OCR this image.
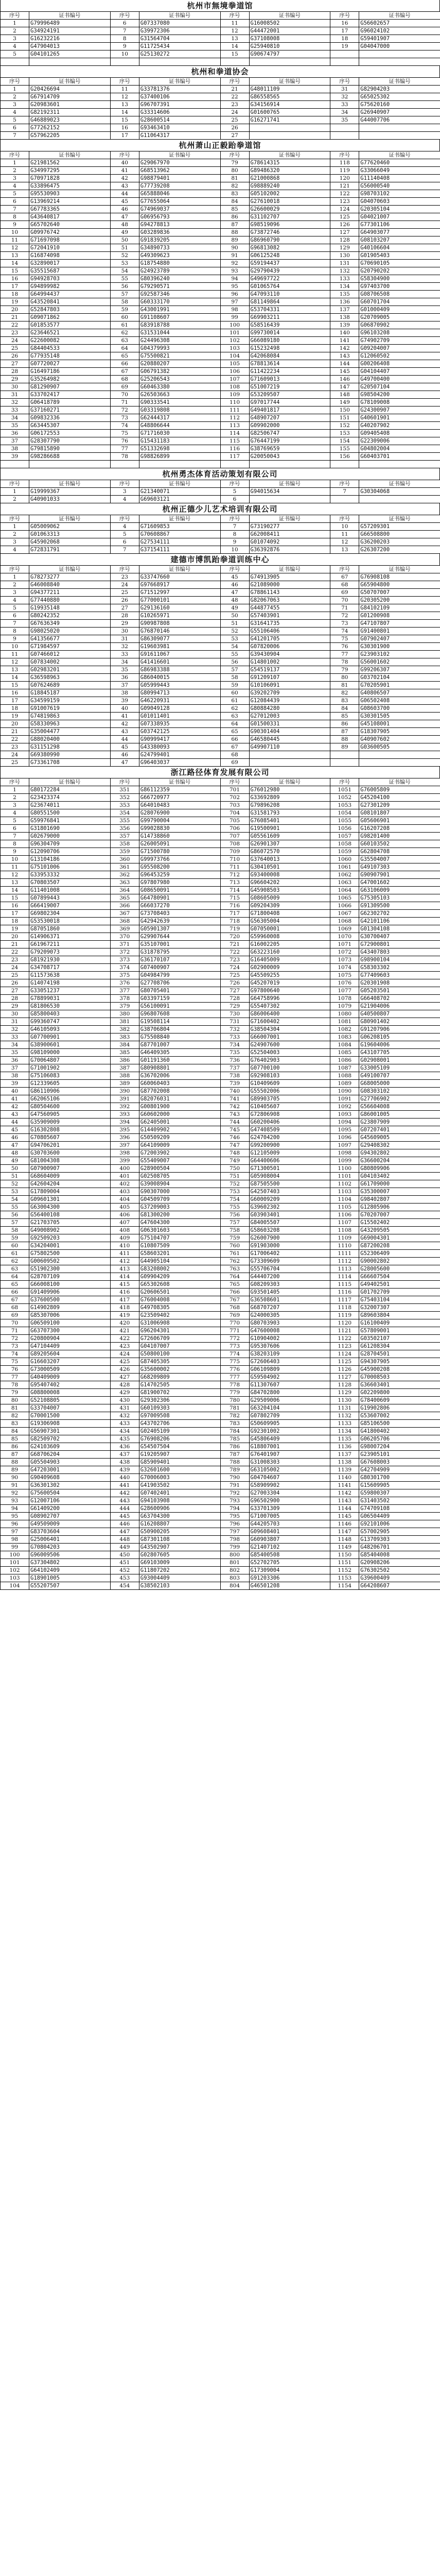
杭州市無境拳道馆
序号	证书编号	序号	证书编号	序号	证书编号	序号	证书编号
1	G79996489	6	G07337080	11	G16008502	16	G56602657
2	G34924191	7	G39972306	12	G44472001	17	G96024102
3	G16232216	8	G31564704	13	G37108008	18	G59401907
4	G47904013	9	G11725434	14	G25940810	19	G04047000
5	G04101265	10	G25130272	15	G90674797		

杭州和拳道协会
序号	证书编号	序号	证书编号	序号	证书编号	序号	证书编号
1	G20426694	11	G33781376	21	G48011109	31	G82904203
2	G67914709	12	G37400106	22	G86558565	32	G65025302
3	G20983601	13	G96707391	23	G34156914	33	G75620160
4	G82192311	14	G33314606	24	G01600765	34	G26940907
5	G46889023	15	G28600514	25	G16271741	35	G44007706
6	G77262152	16	G93463410	26			
7	G57962205	17	G11064317	27			
杭州萧山正毅跆拳道馆
序号	证书编号	序号	证书编号	序号	证书编号	序号	证书编号
1	G21981562	40	G29067970	79	G78614315	118	G77620460
2	G34997295	41	G68513962	80	G89486320	119	G33066049
3	G70971828	42	G98879401	81	G21000868	120	G11140408
4	G33896475	43	G77739208	82	G98889240	121	G56000540
5	G95530903	44	G65888046	83	G05102002	122	G98703102
6	G13969214	45	G77655064	84	G27610018	123	G04070603
7	G67783365	46	G74969037	85	G26600029	124	G20305104
8	G43640817	47	G06956793	86	G31102707	125	G04021007
9	G65702640	48	G94278813	87	G98519096	126	G77301106
10	G09976742	49	G03289836	88	G73872746	127	G64903077
11	G71697098	50	G91839205	89	G86960790	128	G08103207
12	G72041910	51	G34890733	90	G96813082	129	G40106604
13	G16874098	52	G49309623	91	G06125248	130	G01905403
14	G32890017	53	G18754880	92	G59194437	131	G70690105
15	G35515687	54	G24923789	93	G29790439	132	G20790202
16	G94928703	55	G80396240	94	G49697722	133	G58304900
17	G94899982	56	G79290571	95	G01065764	134	G97403700
18	G64994437	57	G92587346	96	G47093110	135	G08706508
19	G43520841	58	G60333170	97	G81149864	136	G60701704
20	G52847803	59	G43001991	98	G53704331	137	G01000409
21	G09071862	60	G91108607	99	G69903211	138	G20709005
22	G01853577	61	G83918788	100	G58516439	139	G06870902
23	G23646521	62	G31531044	101	G99730014	140	G96103208
24	G22600082	63	G24496308	102	G66089180	141	G74902709
25	G84404533	64	G04379993	103	G15232498	142	G09204007
26	G77935148	65	G75500821	104	G42068084	143	G12060502
27	G07720027	66	G20880207	105	G78813614	144	G00206408
28	G16497186	67	G06791382	106	G11422234	145	G04104407
29	G35264982	68	G25206543	107	G71609013	146	G49700400
30	G81290907	69	G60463380	108	G51007219	147	G20507104
31	G33702417	70	G26503663	109	G53209507	148	G98504200
32	G06418789	71	G90333541	110	G97017744	149	G78109008
33	G37160271	72	G03319808	111	G49401817	150	G24300907
34	G09832336	73	G62444317	112	G48907207	151	G40601901
35	G63445307	74	G48806644	113	G09902000	152	G40207902
36	G06172553	75	G71716030	114	G82506747	153	G09405408
37	G28307790	76	G15431183	115	G76447199	154	G22309006
38	G79815890	77	G51332698	116	G38769659	155	G04802004
39	G98286688	78	G98826899	117	G20050043	156	G60403701

杭州勇杰体育活动策划有限公司
序号	证书编号	序号	证书编号	序号	证书编号	序号	证书编号
1	G19999367	3	G21340071	5	G94015634	7	G30304068
2	G40901033	4	G69603121	6			
杭州正德少儿艺术培训有限公司
序号	证书编号	序号	证书编号	序号	证书编号	序号	证书编号
1	G05009062	4	G71609853	7	G73190277	10	G57209301
2	G01063313	5	G70608867	8	G62008411	11	G66508800
3	G45902068	6	G27534111	9	G01074092	12	G36200203
4	G72831791	7	G37154111	10	G36392876	13	G26307200
建德市博凯跆拳道训练中心
序号	证书编号	序号	证书编号	序号	证书编号	序号	证书编号
1	G78273277	23	G33747660	45	G74913905	67	G76908108
2	G46008840	24	G97668917	46	G21089000	68	G65904800
3	G94377211	25	G71512997	47	G78861143	69	G50707007
4	G77440880	26	G77000101	48	G82067063	70	G20305200
5	G19935148	27	G29136160	49	G44877455	71	G84102109
6	G80242352	28	G10265971	50	G57403901	72	G01200908
7	G67636349	29	G90987808	51	G31641735	73	G47107807
8	G98025020	30	G76870146	52	G55106406	74	G91400801
9	G41356677	31	G86309077	53	G41201705	75	G07902407
10	G71984597	32	G19603981	54	G07820006	76	G30301900
11	G07466012	33	G91611067	55	G39430904	77	G23903102
12	G07834002	34	G41416601	56	G14801002	78	G56001602
13	G02983201	35	G86983388	57	G54519137	79	G99206307
14	G36598963	36	G86040015	58	G91209107	80	G03702104
15	G07624689	37	G05999443	59	G10106091	81	G70205901
16	G18845187	38	G80994713	60	G39202709	82	G40806507
17	G34599159	39	G46220931	61	G12084439	83	G06502408
18	G91007619	40	G09049128	62	G80884280	84	G08603700
19	G74819863	41	G01011401	63	G27012003	85	G30301505
20	G58330963	42	G07338935	64	G01500331	86	G45108001
21	G35004477	43	G03742125	65	G90301404	87	G18307905
22	G88020400	44	G90999417	66	G46580445	88	G40907602
23	G31151298	45	G43380093	67	G49907110	89	G03600505
24	G69380990	46	G24799401	68			
25	G73361708	47	G96403037	69			
浙江路径体育发展有限公司
序号	证书编号	序号	证书编号	序号	证书编号	序号	证书编号
1	G80172284	351	G86112359	701	G76012980	1051	G76005809
2	G23423374	352	G66720977	702	G33692809	1052	G45204100
3	G23674011	353	G64010483	703	G79896208	1053	G27301209
4	G80551500	354	G28076900	704	G31581793	1054	G08101807
5	G59976841	355	G99790004	705	G76085401	1055	G05606901
6	G31801690	356	G99028830	706	G19500901	1056	G16207208
7	G02679000	357	G14738860	707	G05561609	1057	G98201400
8	G96304709	358	G26005091	708	G26901307	1058	G60103502
9	G12090706	359	G71500780	709	G86072570	1059	G62804708
10	G13104186	360	G99973766	710	G37640013	1060	G35504007
11	G75101006	361	G95508200	711	G30410501	1061	G49107303
12	G33953332	362	G96453259	712	G93400008	1062	G90907901
13	G70803507	363	G97807980	713	G96604202	1063	G47001602
14	G11401008	364	G08650091	714	G45908503	1064	G63106009
15	G07899443	365	G64780901	715	G08605009	1065	G75305103
16	G66419007	366	G66037270	716	G09204309	1066	G91309500
17	G69802304	367	G73708403	717	G71800408	1067	G62302702
18	G53530018	368	G42942639	718	G56305004	1068	G42101106
19	G87051860	369	G05901307	719	G07050001	1069	G01304108
20	G14906371	370	G29907644	720	G59960008	1070	G30700407
21	G61967211	371	G35107001	721	G16002205	1071	G72900801
22	G79209073	372	G31878795	722	G63223160	1072	G43407803
23	G81921930	373	G36170107	723	G16405009	1073	G98900104
24	G34708717	374	G07400907	724	G02900009	1074	G58303302
25	G11573638	375	G04984799	725	G45509255	1075	G77409603
26	G14074198	376	G27708706	726	G45207019	1076	G20301908
27	G33051237	377	G80705401	727	G97800640	1077	G05203501
28	G78899031	378	G03397159	728	G64758996	1078	G66408702
29	G81806530	379	G56100091	729	G55407302	1079	G21904006
30	G85800403	380	G96807608	730	G86006400	1080	G40500807
31	G99360747	381	G19508114	731	G71600402	1081	G80901402
32	G46105093	382	G38706804	732	G38504304	1082	G91207906
33	G07700901	383	G75508840	733	G66007001	1083	G06208105
34	G38900601	384	G87701007	734	G24907600	1084	G19604006
35	G98109000	385	G46409305	735	G52504003	1085	G43107705
36	G70064807	386	G01191360	736	G76402903	1086	G02908001
37	G71001902	387	G80908801	737	G07700100	1087	G33005109
38	G75106083	388	G36702006	738	G92908103	1088	G49100707
39	G12339605	389	G60060403	739	G10409609	1089	G68005000
40	G86110906	390	G87702008	740	G55502006	1090	G08303102
41	G62065106	391	G82076031	741	G89903705	1091	G27706902
42	G80504600	392	G00801900	742	G10405607	1092	G56604008
43	G47560905	393	G60602000	743	G72806908	1093	G86001005
44	G35909009	394	G62405001	744	G60200406	1094	G23807909
45	G16302808	395	G14409902	745	G47408509	1095	G07207401
46	G70805607	396	G50509209	746	G24704200	1096	G45609005
47	G94706201	397	G64109009	747	G99200900	1097	G29408302
48	G30703600	398	G72003902	748	G12105009	1098	G94302802
49	G81004308	399	G55409007	749	G64400606	1099	G36600204
50	G07900907	400	G28900504	750	G71300501	1100	G80809906
51	G68604009	401	G02508705	751	G05908004	1101	G04103402
52	G42604204	402	G39008904	752	G87505500	1102	G61709000
53	G17809004	403	G90307000	753	G42507403	1103	G35300007
54	G09601301	404	G04509709	754	G60009209	1104	G98402807
55	G63004300	405	G37209003	755	G39602302	1105	G12805906
56	G56400108	406	G81300200	756	G03903401	1106	G70207007
57	G21703705	407	G47604300	757	G84005507	1107	G15502402
58	G49008902	408	G06301603	758	G58603208	1108	G43209505
59	G92509203	409	G75104707	759	G26007900	1109	G69004301
60	G34204001	410	G10807509	760	G91903000	1110	G87200208
61	G75802500	411	G58603201	761	G17006402	1111	G52306409
62	G00609502	412	G44905104	762	G73309609	1112	G90002802
63	G51902300	413	G83208002	763	G55706704	1113	G28005600
64	G28707109	414	G09904209	764	G44407200	1114	G66607504
65	G66008100	415	G65302608	765	G08209303	1115	G49402501
66	G91409906	416	G20606501	766	G93501405	1116	G01702709
67	G37600500	417	G76004008	767	G36508601	1117	G75403104
68	G14902809	418	G49708305	768	G68707207	1118	G32007307
69	G85307006	419	G23509402	769	G24000305	1119	G89603804
70	G06509100	420	G31006908	770	G80703903	1120	G16100409
71	G63707300	421	G96204301	771	G47600008	1121	G57809001
72	G20800904	422	G72606709	772	G10904002	1122	G03502107
73	G47104409	423	G04107007	773	G95307606	1123	G61208304
74	G89205604	424	G50800100	774	G38203109	1124	G28704501
75	G16603207	425	G87405305	775	G72606403	1125	G94307905
76	G73000509	426	G35600002	776	G06109809	1126	G45900208
77	G40409009	427	G68209809	777	G59504902	1127	G70008503
78	G95407402	428	G14702505	778	G11307607	1128	G36603401
79	G08800008	429	G81900702	779	G84702800	1129	G02209800
80	G52108805	430	G29302306	780	G29509006	1130	G78400609
81	G33704007	431	G60109303	781	G63204104	1131	G19902806
82	G70001500	432	G97009508	782	G07802709	1132	G53607002
83	G19306908	433	G43702706	783	G50609905	1133	G85106500
84	G56907301	434	G02405109	784	G92301002	1134	G41800402
85	G82509702	435	G76908206	785	G45806409	1135	G06205706
86	G24103609	436	G54507504	786	G18807001	1136	G98007204
87	G68706204	437	G19205907	787	G76401907	1137	G23905101
88	G05504903	438	G85909401	788	G31008303	1138	G67608003
89	G47203001	439	G32601600	789	G63105002	1139	G42704909
90	G90409608	440	G70006003	790	G04704607	1140	G80301700
91	G36301302	441	G41903502	791	G58909902	1141	G15609905
92	G75600504	442	G07402401	792	G27003304	1142	G59800307
93	G12007106	443	G94103908	793	G96502900	1143	G31403502
94	G61409200	444	G28600906	794	G33701309	1144	G74709108
95	G08902707	445	G63704300	795	G71007005	1145	G06504409
96	G49509009	446	G16208807	796	G44205703	1146	G92101006
97	G83703604	447	G50900205	797	G09608401	1147	G57002905
98	G25006401	448	G87301108	798	G60903807	1148	G13709303
99	G70804203	449	G43502907	799	G21407102	1149	G48206701
100	G96009506	450	G02807605	800	G85400508	1150	G85404008
101	G37304802	451	G69103009	801	G52702705	1151	G20908206
102	G64102409	452	G11807202	802	G17309004	1152	G76302502
103	G18901005	453	G93004409	803	G91203306	1153	G39600409
104	G55207507	454	G38502103	804	G46501208	1154	G64208607
